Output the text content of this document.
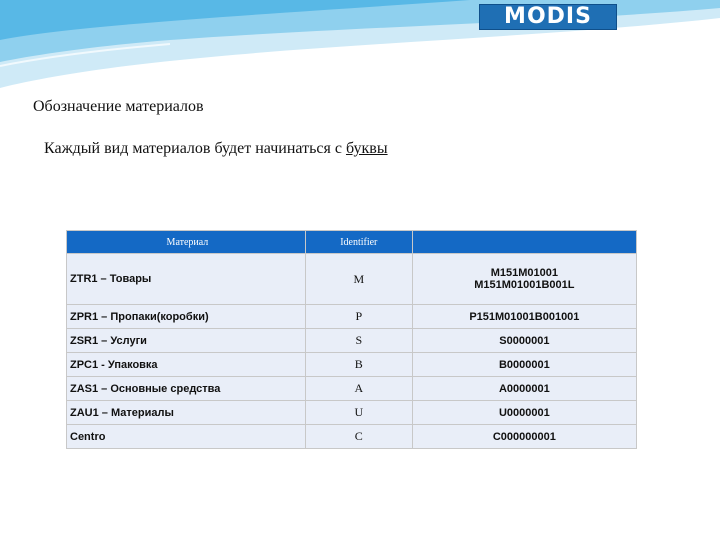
MODIS
Обозначение материалов
Каждый вид материалов будет начинаться с буквы
Материал	Identifier	
ZTR1 – Товары	M	M151M01001
M151M01001B001L

ZPR1 – Пропаки(коробки)	P	P151M01001B001001
ZSR1 – Услуги	S	S0000001
ZPC1 - Упаковка	B	B0000001
ZAS1 – Основные средства	A	A0000001
ZAU1 – Материалы	U	U0000001
Centro	C	C000000001
